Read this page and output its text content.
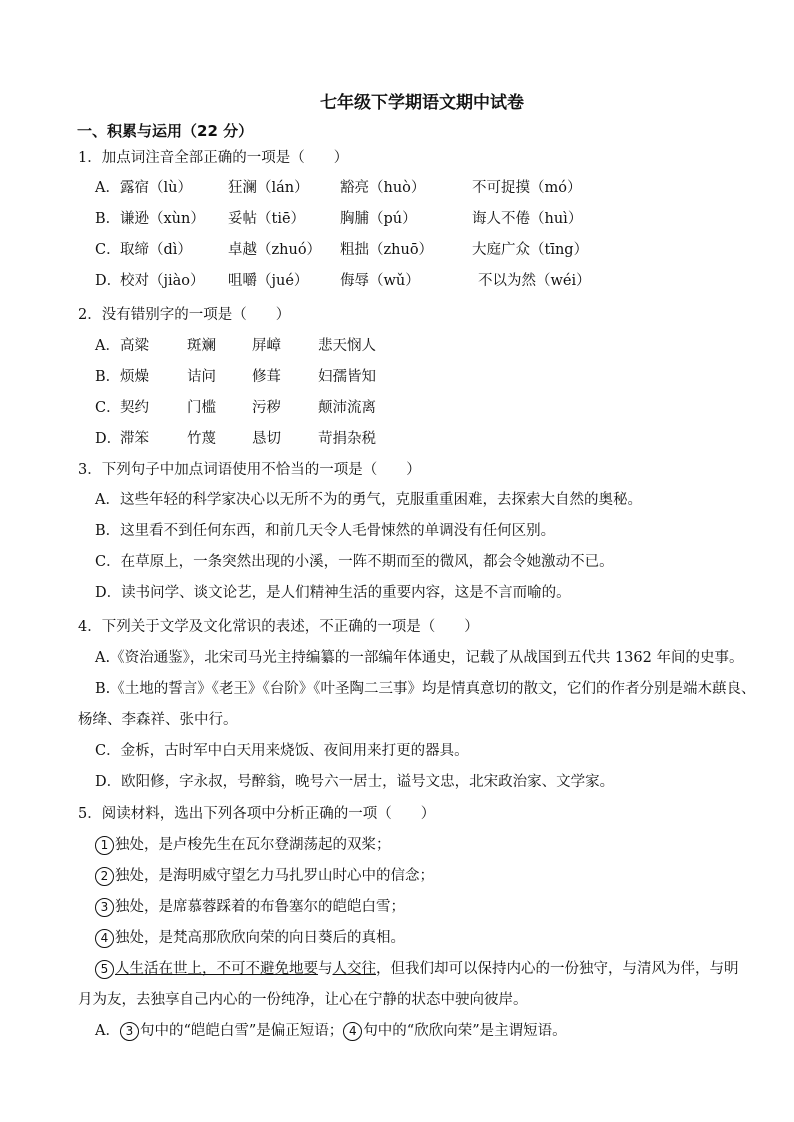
七年级下学期语文期中试卷
一、积累与运用（22 分）
1．加点词注音全部正确的一项是（　　）
A． 露宿（lù） 狂澜（lán） 豁亮（huò）	不可捉摸（mó）
B． 谦逊（xùn） 妥帖（tiē） 胸脯（pú）	诲人不倦（huì）
C． 取缔（dì） 卓越（zhuó） 粗拙（zhuō）	大庭广众（tīng）
D．
校对（jiào） 咀嚼（jué） 侮辱（wǔ）	不以为然（wéi）
2．没有错别字的一项是（　　）
A． 高粱	斑斓 屏嶂	悲天悯人
B． 烦燥	诘问 修葺	妇孺皆知
C． 契约	门槛 污秽	颠沛流离
D．
滞笨	竹蔑 恳切	苛捐杂税
3．下列句子中加点词语使用不恰当的一项是（　　）
A．这些年轻的科学家决心以无所不为的勇气，克服重重困难，去探索大自然的奥秘。
B．这里看不到任何东西，和前几天令人毛骨悚然的单调没有任何区别。
C．在草原上，一条突然出现的小溪，一阵不期而至的微风，都会令她激动不已。
D．读书问学、谈文论艺，是人们精神生活的重要内容，这是不言而喻的。
4．下列关于文学及文化常识的表述，不正确的一项是（　　）
A.《资治通鉴》，北宋司马光主持编纂的一部编年体通史，记载了从战国到五代共 1362 年间的史事。
B.《土地的誓言》《老王》《台阶》《叶圣陶二三事》均是情真意切的散文，它们的作者分别是端木蕻良、
杨绛、李森祥、张中行。
C．金柝，古时军中白天用来烧饭、夜间用来打更的器具。
D．欧阳修，字永叔，号醉翁，晚号六一居士，谥号文忠，北宋政治家、文学家。
5．阅读材料，选出下列各项中分析正确的一项（　　）
1 独处，是卢梭先生在瓦尔登湖荡起的双桨；
2 独处，是海明威守望乞力马扎罗山时心中的信念；
3 独处，是席慕蓉踩着的布鲁塞尔的皑皑白雪；
4 独处，是梵高那欣欣向荣的向日葵后的真相。
5 人生活在世上，不可不避免地要与人交往，但我们却可以保持内心的一份独守，与清风为伴，与明
月为友，去独享自己内心的一份纯净，让心在宁静的状态中驶向彼岸。
A． 3 句中的“皑皑白雪”是偏正短语； 4 句中的“欣欣向荣”是主谓短语。
